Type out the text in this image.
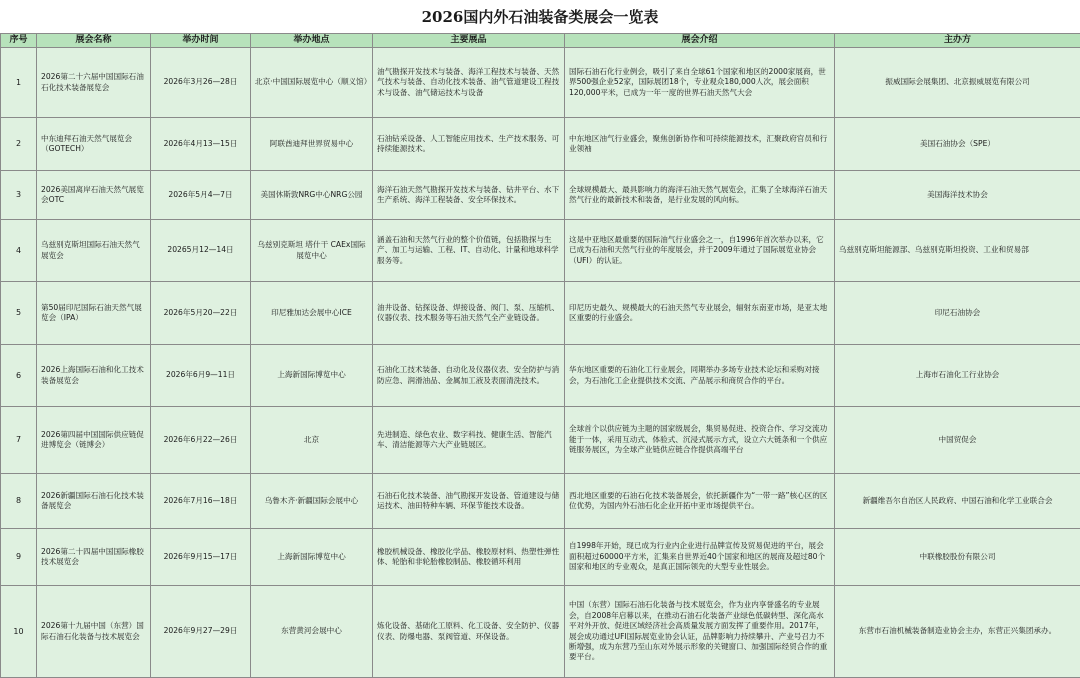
2026国内外石油装备类展会一览表
序号	展会名称	举办时间	举办地点	主要展品	展会介绍	主办方
1	2026第二十六届中国国际石油石化技术装备展览会	2026年3月26—28日	北京·中国国际展览中心（顺义馆）	油气勘探开发技术与装备、海洋工程技术与装备、天然气技术与装备、自动化技术装备、油气管道建设工程技术与设备、油气储运技术与设备	国际石油石化行业例会，吸引了来自全球61个国家和地区的2000家展商，世界500强企业52家，国际展团18个，专业观众180,000人次，展会面积120,000平米，已成为一年一度的世界石油天然气大会	振威国际会展集团、北京振威展览有限公司
2	中东迪拜石油天然气展览会（GOTECH）	2026年4月13—15日	阿联酋迪拜世界贸易中心	石油钻采设备、人工智能应用技术、生产技术服务、可持续能源技术。	中东地区油气行业盛会，聚焦创新协作和可持续能源技术，汇聚政府官员和行业领袖	美国石油协会（SPE）
3	2026美国离岸石油天然气展览会OTC	2026年5月4—7日	美国休斯敦NRG中心NRG公园	海洋石油天然气勘探开发技术与装备、钻井平台、水下生产系统、海洋工程装备、安全环保技术。	全球规模最大、最具影响力的海洋石油天然气展览会，汇集了全球海洋石油天然气行业的最新技术和装备，是行业发展的风向标。	美国海洋技术协会
4	乌兹别克斯坦国际石油天然气展览会	20265月12—14日	乌兹别克斯坦 塔什干 CAEx国际展览中心	涵盖石油和天然气行业的整个价值链，包括勘探与生产、加工与运输、工程、IT、自动化、计量和地球科学服务等。	这是中亚地区最重要的国际油气行业盛会之一，自1996年首次举办以来，它已成为石油和天然气行业的年度展会，并于2009年通过了国际展览业协会（UFI）的认证。	乌兹别克斯坦能源部、乌兹别克斯坦投资、工业和贸易部
5	第50届印尼国际石油天然气展览会（IPA）	2026年5月20—22日	印尼雅加达会展中心ICE	油井设备、钻探设备、焊接设备、阀门、泵、压缩机、仪器仪表、技术服务等石油天然气全产业链设备。	印尼历史最久、规模最大的石油天然气专业展会，辐射东南亚市场，是亚太地区重要的行业盛会。	印尼石油协会
6	2026上海国际石油和化工技术装备展览会	2026年6月9—11日	上海新国际博览中心	石油化工技术装备、自动化及仪器仪表、安全防护与消防应急、润滑油品、金属加工液及表面清洗技术。	华东地区重要的石油化工行业展会，同期举办多场专业技术论坛和采购对接会，为石油化工企业提供技术交流、产品展示和商贸合作的平台。	上海市石油化工行业协会
7	2026第四届中国国际供应链促进博览会（链博会）	2026年6月22—26日	北京	先进制造、绿色农业、数字科技、健康生活、智能汽车、清洁能源等六大产业链展区。	全球首个以供应链为主题的国家级展会，集贸易促进、投资合作、学习交流功能于一体，采用互动式、体验式、沉浸式展示方式，设立六大链条和一个供应链服务展区，为全球产业链供应链合作提供高端平台	中国贸促会
8	2026新疆国际石油石化技术装备展览会	2026年7月16—18日	乌鲁木齐·新疆国际会展中心	石油石化技术装备、油气勘探开发设备、管道建设与储运技术、油田特种车辆、环保节能技术设备。	西北地区重要的石油石化技术装备展会，依托新疆作为“一带一路”核心区的区位优势，为国内外石油石化企业开拓中亚市场提供平台。	新疆维吾尔自治区人民政府、中国石油和化学工业联合会
9	2026第二十四届中国国际橡胶技术展览会	2026年9月15—17日	上海新国际博览中心	橡胶机械设备、橡胶化学品、橡胶原材料、热塑性弹性体、轮胎和非轮胎橡胶制品、橡胶循环利用	自1998年开始，现已成为行业内企业进行品牌宣传及贸易促进的平台，展会面积超过60000平方米，汇集来自世界近40个国家和地区的展商及超过80个国家和地区的专业观众，是真正国际领先的大型专业性展会。	中联橡胶股份有限公司
10	2026第十九届中国（东营）国际石油石化装备与技术展览会	2026年9月27—29日	东营黄河会展中心	炼化设备、基础化工原料、化工设备、安全防护、仪器仪表、防爆电器、泵阀管道、环保设备。	中国（东营）国际石油石化装备与技术展览会，作为业内享誉盛名的专业展会，自2008年启幕以来，在推动石油石化装备产业绿色低碳转型、深化高水平对外开放、促进区域经济社会高质量发展方面发挥了重要作用。2017年，展会成功通过UFI国际展览业协会认证，品牌影响力持续攀升、产业号召力不断增强，成为东营乃至山东对外展示形象的关键窗口、加强国际经贸合作的重要平台。	东营市石油机械装备制造业协会主办，东营正兴集团承办。
